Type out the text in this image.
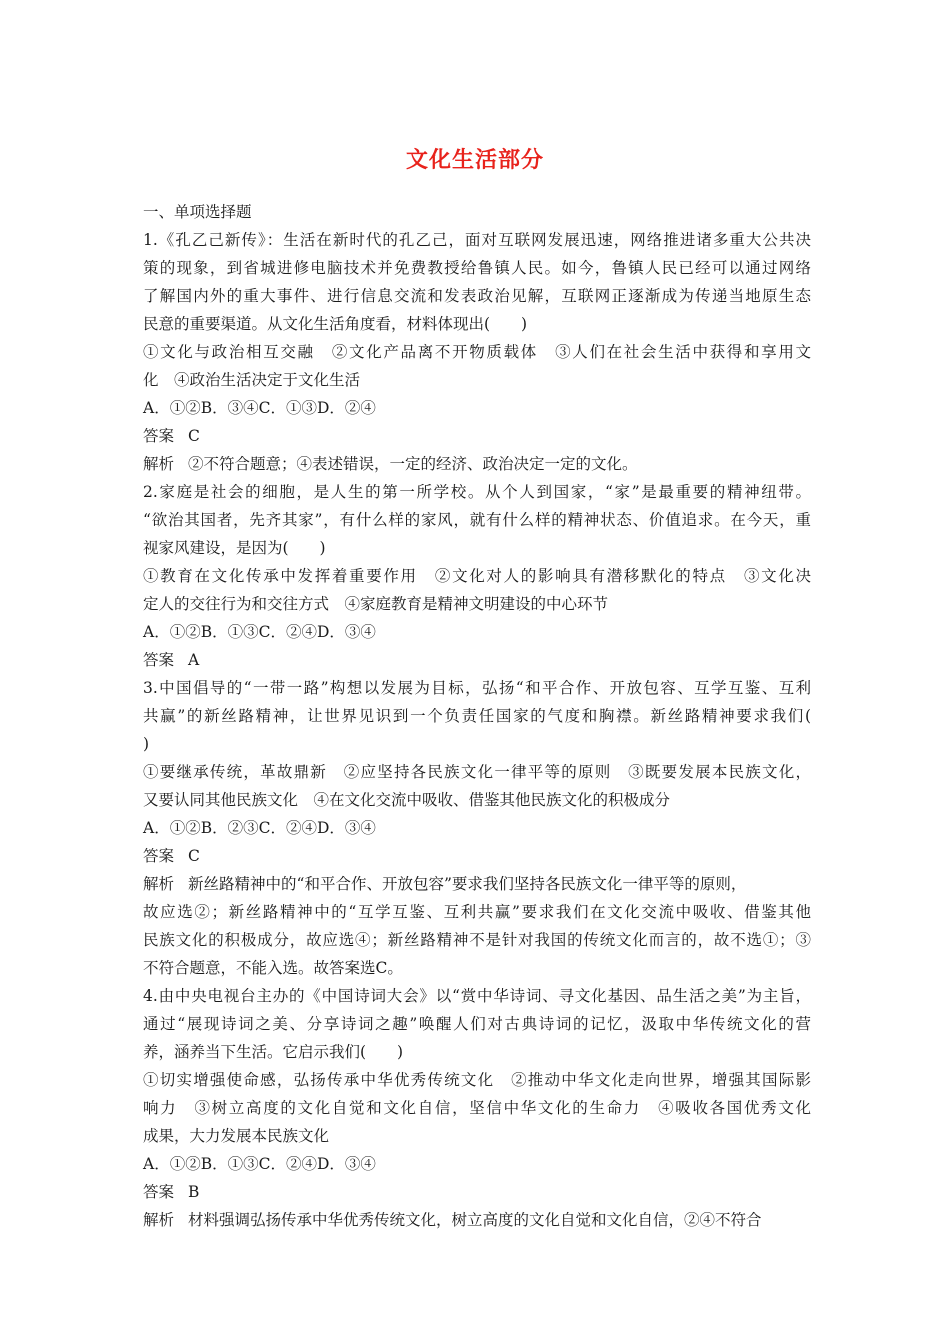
文化生活部分
一、单项选择题
1.《孔乙己新传》：生活在新时代的孔乙己，面对互联网发展迅速，网络推进诸多重大公共决
策的现象，到省城进修电脑技术并免费教授给鲁镇人民。如今，鲁镇人民已经可以通过网络
了解国内外的重大事件、进行信息交流和发表政治见解，互联网正逐渐成为传递当地原生态
民意的重要渠道。从文化生活角度看，材料体现出(　　)
①文化与政治相互交融　②文化产品离不开物质载体　③人们在社会生活中获得和享用文
化　④政治生活决定于文化生活
A．①②B．③④C．①③D．②④
答案 C
解析 ②不符合题意；④表述错误，一定的经济、政治决定一定的文化。
2.家庭是社会的细胞，是人生的第一所学校。从个人到国家，“家”是最重要的精神纽带。
“欲治其国者，先齐其家”，有什么样的家风，就有什么样的精神状态、价值追求。在今天，重
视家风建设，是因为(　　)
①教育在文化传承中发挥着重要作用　②文化对人的影响具有潜移默化的特点　③文化决
定人的交往行为和交往方式　④家庭教育是精神文明建设的中心环节
A．①②B．①③C．②④D．③④
答案 A
3.中国倡导的“一带一路”构想以发展为目标，弘扬“和平合作、开放包容、互学互鉴、互利
共赢”的新丝路精神，让世界见识到一个负责任国家的气度和胸襟。新丝路精神要求我们(
)
①要继承传统，革故鼎新　②应坚持各民族文化一律平等的原则　③既要发展本民族文化，
又要认同其他民族文化　④在文化交流中吸收、借鉴其他民族文化的积极成分
A．①②B．②③C．②④D．③④
答案 C
解析 新丝路精神中的“和平合作、开放包容”要求我们坚持各民族文化一律平等的原则，
故应选②；新丝路精神中的“互学互鉴、互利共赢”要求我们在文化交流中吸收、借鉴其他
民族文化的积极成分，故应选④；新丝路精神不是针对我国的传统文化而言的，故不选①；③
不符合题意，不能入选。故答案选C。
4.由中央电视台主办的《中国诗词大会》以“赏中华诗词、寻文化基因、品生活之美”为主旨，
通过“展现诗词之美、分享诗词之趣”唤醒人们对古典诗词的记忆，汲取中华传统文化的营
养，涵养当下生活。它启示我们(　　)
①切实增强使命感，弘扬传承中华优秀传统文化　②推动中华文化走向世界，增强其国际影
响力　③树立高度的文化自觉和文化自信，坚信中华文化的生命力　④吸收各国优秀文化
成果，大力发展本民族文化
A．①②B．①③C．②④D．③④
答案 B
解析 材料强调弘扬传承中华优秀传统文化，树立高度的文化自觉和文化自信，②④不符合
